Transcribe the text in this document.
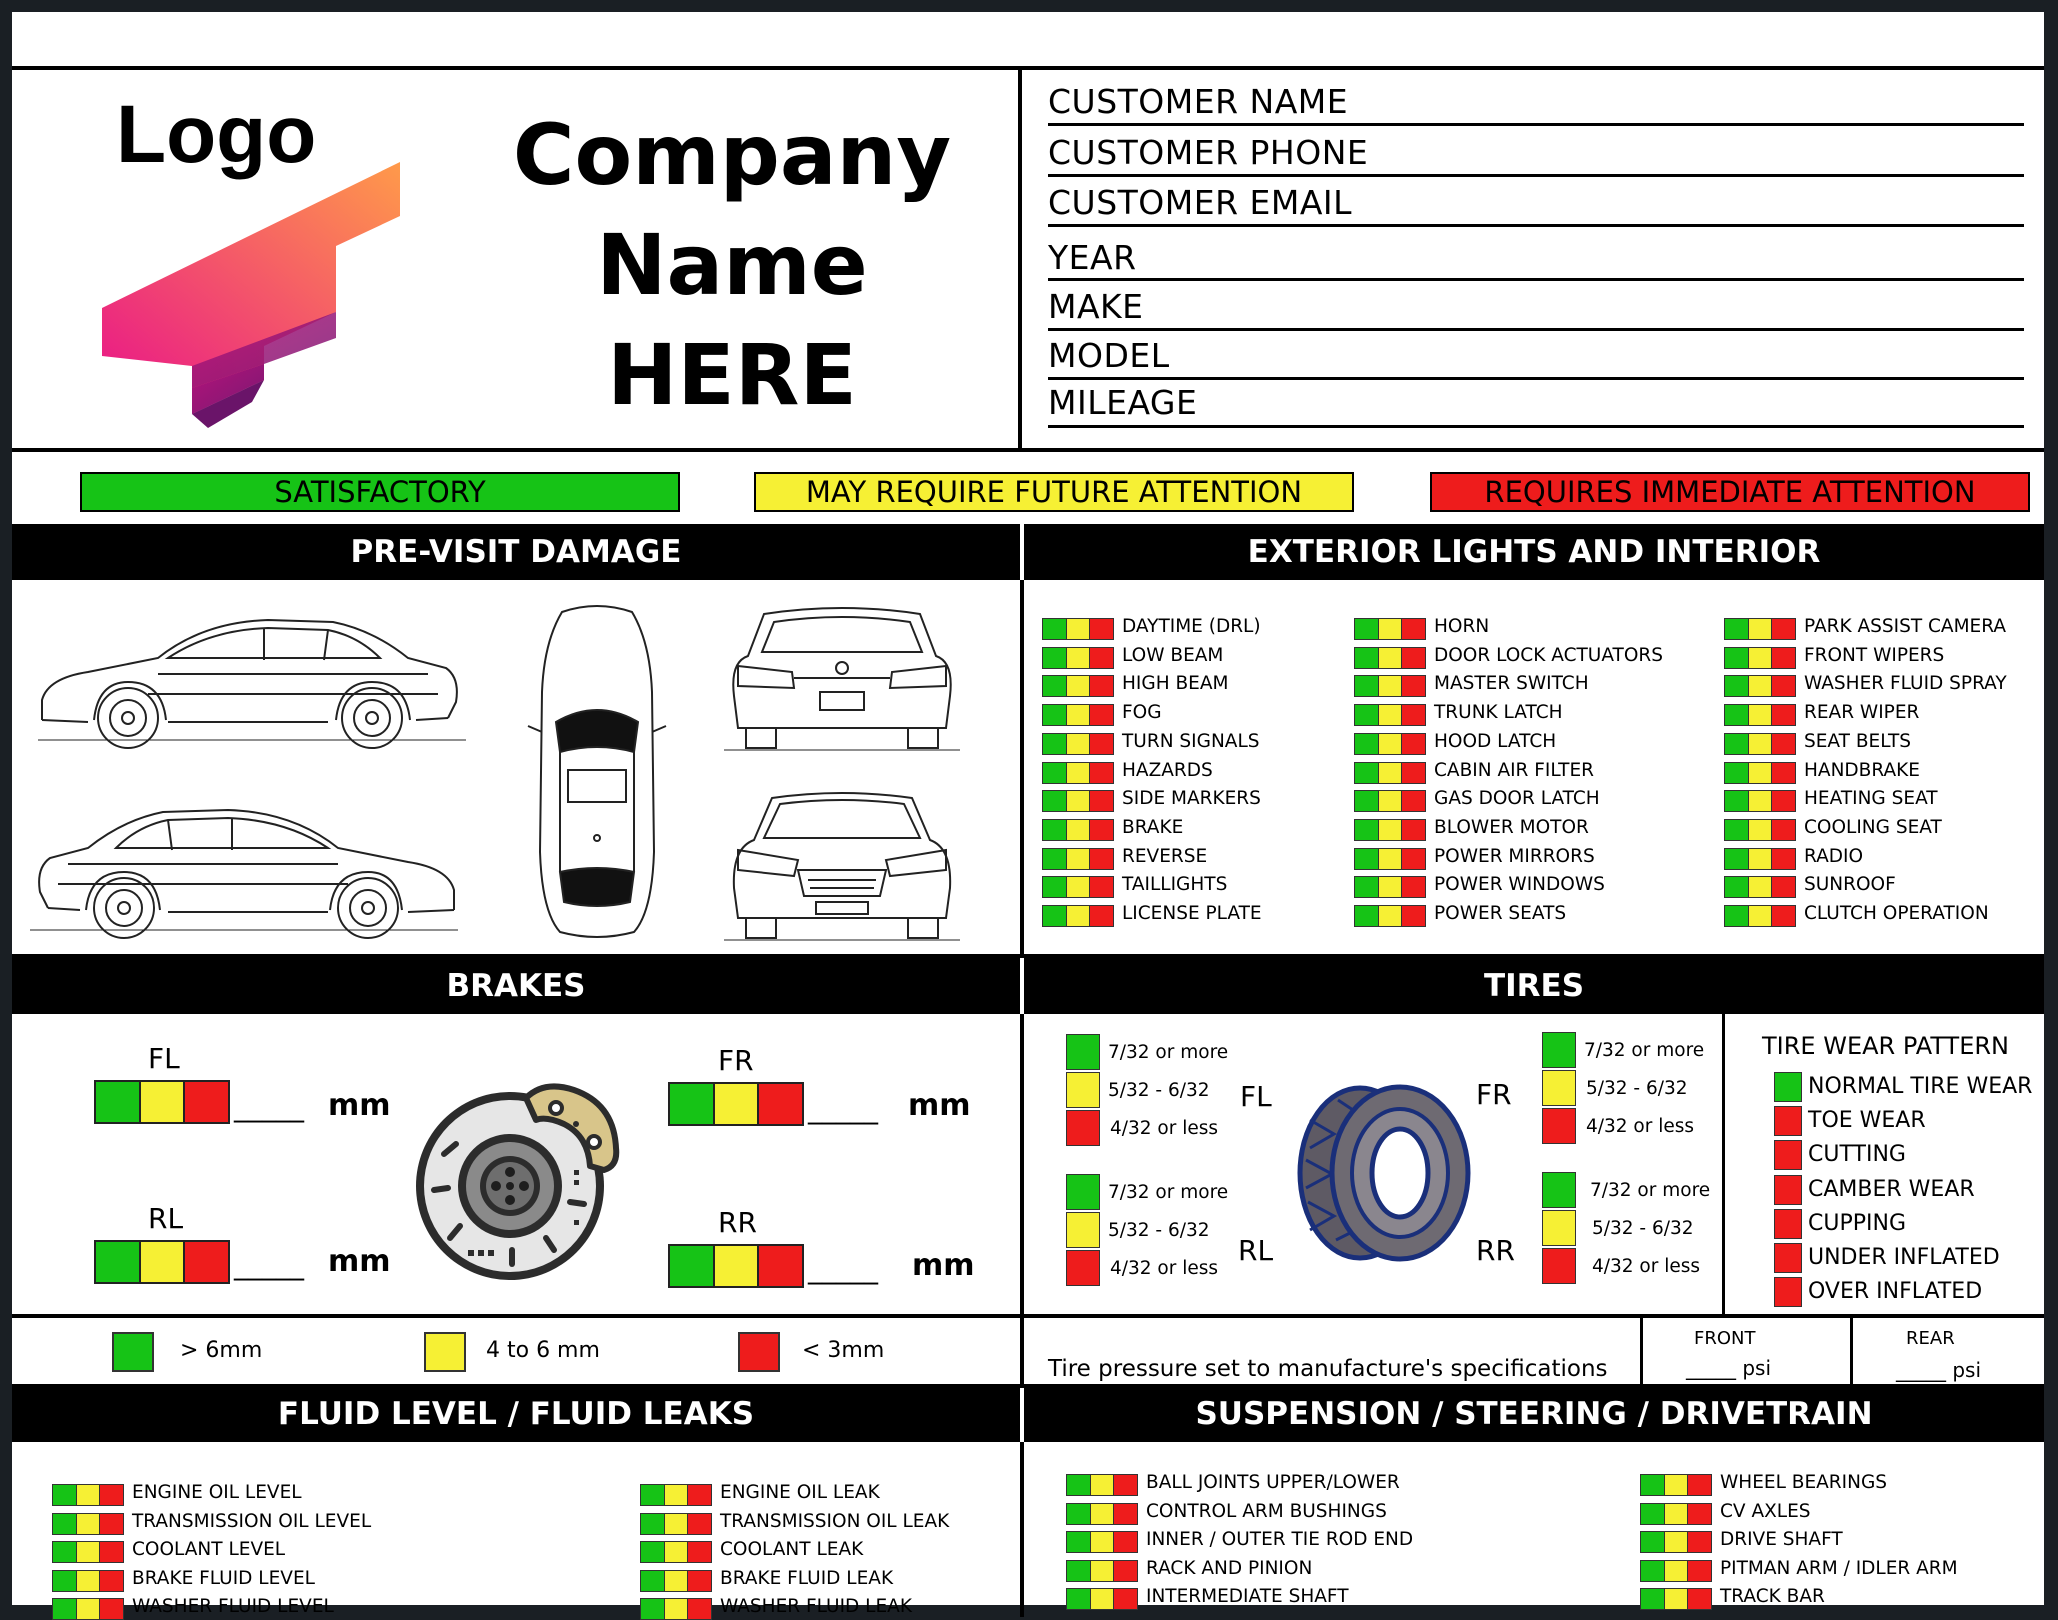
Logo	Company
Name
HERE
CUSTOMER NAME
CUSTOMER PHONE
CUSTOMER EMAIL
YEAR
MAKE
MODEL
MILEAGE
SATISFACTORY	MAY REQUIRE FUTURE ATTENTION	REQUIRES IMMEDIATE ATTENTION
PRE-VISIT DAMAGE	EXTERIOR LIGHTS AND INTERIOR
DAYTIME (DRL)
LOW BEAM
HIGH BEAM
FOG
TURN SIGNALS
HAZARDS
SIDE MARKERS
BRAKE
REVERSE
TAILLIGHTS
LICENSE PLATE
HORN
DOOR LOCK ACTUATORS
MASTER SWITCH
TRUNK LATCH
HOOD LATCH
CABIN AIR FILTER
GAS DOOR LATCH
BLOWER MOTOR
POWER MIRRORS
POWER WINDOWS
POWER SEATS
PARK ASSIST CAMERA
FRONT WIPERS
WASHER FLUID SPRAY
REAR WIPER
SEAT BELTS
HANDBRAKE
HEATING SEAT
COOLING SEAT
RADIO
SUNROOF
CLUTCH OPERATION
BRAKES	TIRES
FL
_____ mm
FR
_____ mm
RL
_____ mm
RR
_____ mm
> 6mm	4 to 6 mm	< 3mm
7/32 or more
5/32 - 6/32
4/32 or less
7/32 or more
5/32 - 6/32
4/32 or less
7/32 or more
5/32 - 6/32
4/32 or less
7/32 or more
5/32 - 6/32
4/32 or less
FL	FR
RL	RR
TIRE WEAR PATTERN
NORMAL TIRE WEAR
TOE WEAR
CUTTING
CAMBER WEAR
CUPPING
UNDER INFLATED
OVER INFLATED
Tire pressure set to manufacture's specifications
FRONT
_____ psi
REAR
_____ psi
FLUID LEVEL / FLUID LEAKS	SUSPENSION / STEERING / DRIVETRAIN
ENGINE OIL LEVEL
TRANSMISSION OIL LEVEL
COOLANT LEVEL
BRAKE FLUID LEVEL
WASHER FLUID LEVEL
ENGINE OIL LEAK
TRANSMISSION OIL LEAK
COOLANT LEAK
BRAKE FLUID LEAK
WASHER FLUID LEAK
BALL JOINTS UPPER/LOWER
CONTROL ARM BUSHINGS
INNER / OUTER TIE ROD END
RACK AND PINION
INTERMEDIATE SHAFT
WHEEL BEARINGS
CV AXLES
DRIVE SHAFT
PITMAN ARM / IDLER ARM
TRACK BAR
